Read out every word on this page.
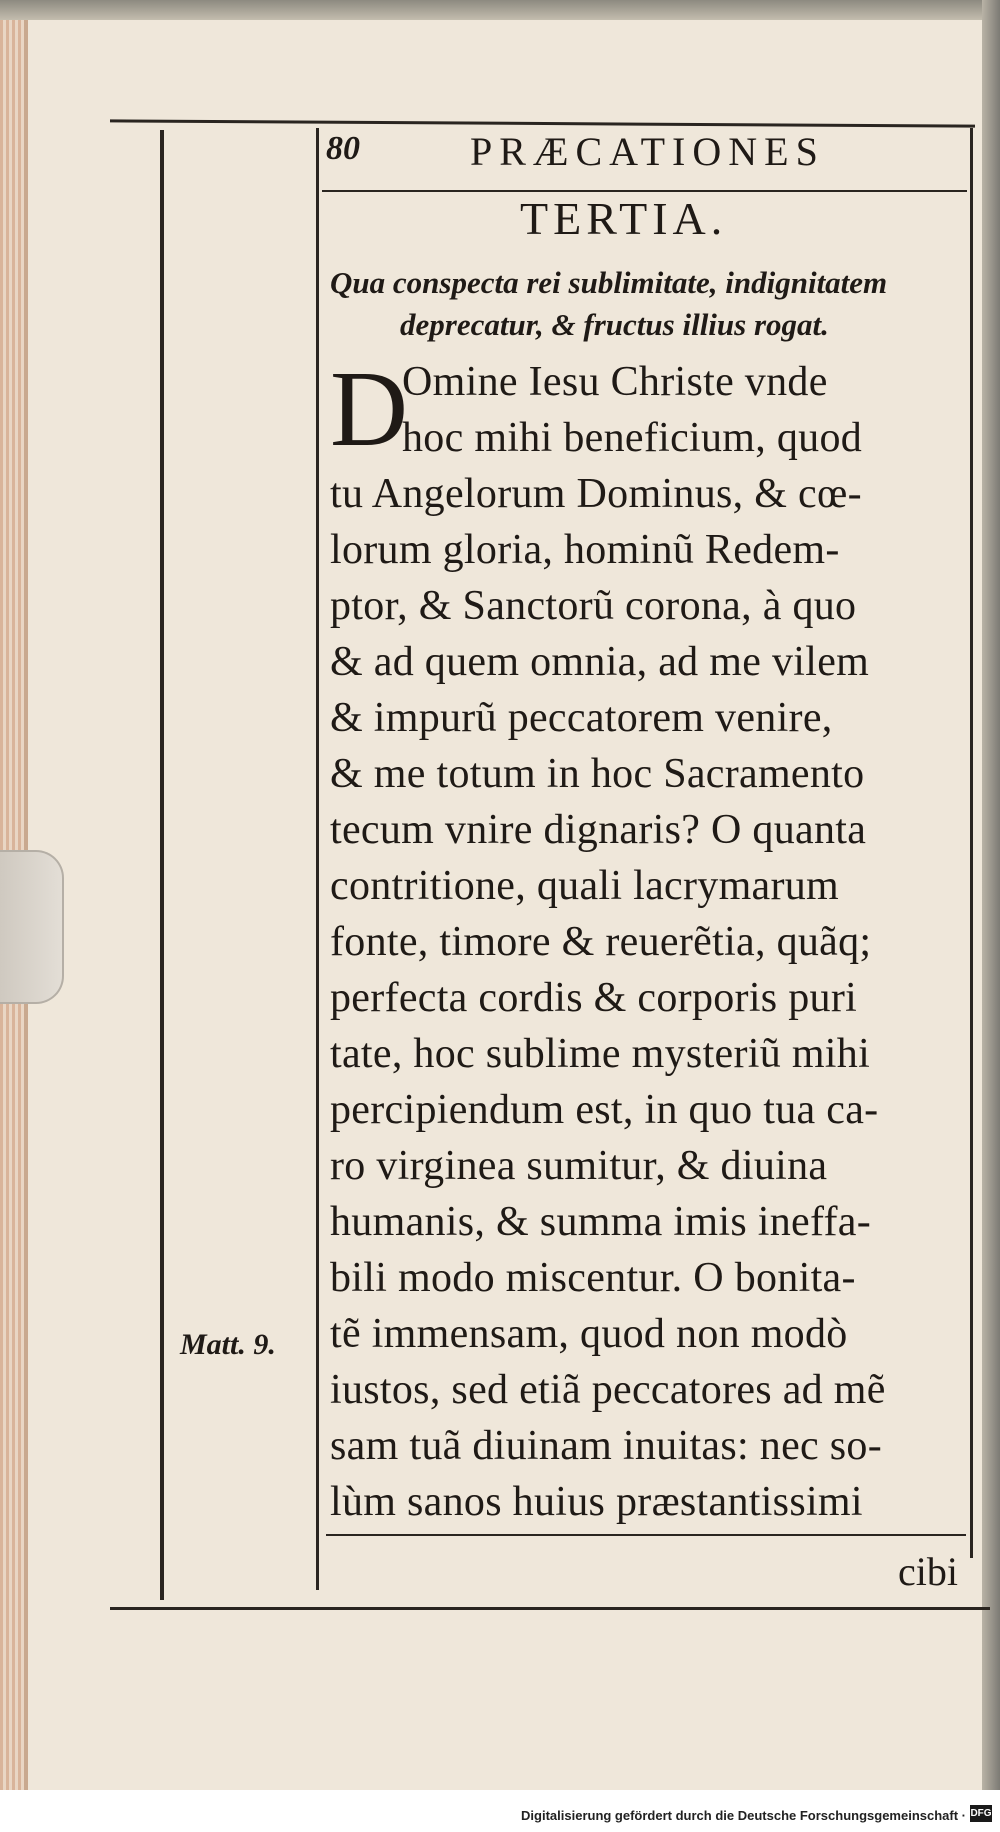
80	PRÆCATIONES
TERTIA.
Qua conspecta rei sublimitate, indignitatem
deprecatur, & fructus illius rogat.
D
Omine Iesu Christe vnde
hoc mihi beneficium, quod
tu Angelorum Dominus, & cœ-
lorum gloria, hominũ Redem-
ptor, & Sanctorũ corona, à quo
& ad quem omnia, ad me vilem
& impurũ peccatorem venire,
& me totum in hoc Sacramento
tecum vnire dignaris? O quanta
contritione, quali lacrymarum
fonte, timore & reuerẽtia, quãq;
perfecta cordis & corporis puri
tate, hoc sublime mysteriũ mihi
percipiendum est, in quo tua ca-
ro virginea sumitur, & diuina
humanis, & summa imis ineffa-
bili modo miscentur. O bonita-
tẽ immensam, quod non modò
iustos, sed etiã peccatores ad mẽ
sam tuã diuinam inuitas: nec so-
lùm sanos huius præstantissimi
Matt. 9.
cibi
Digitalisierung gefördert durch die Deutsche Forschungsgemeinschaft · DFG
